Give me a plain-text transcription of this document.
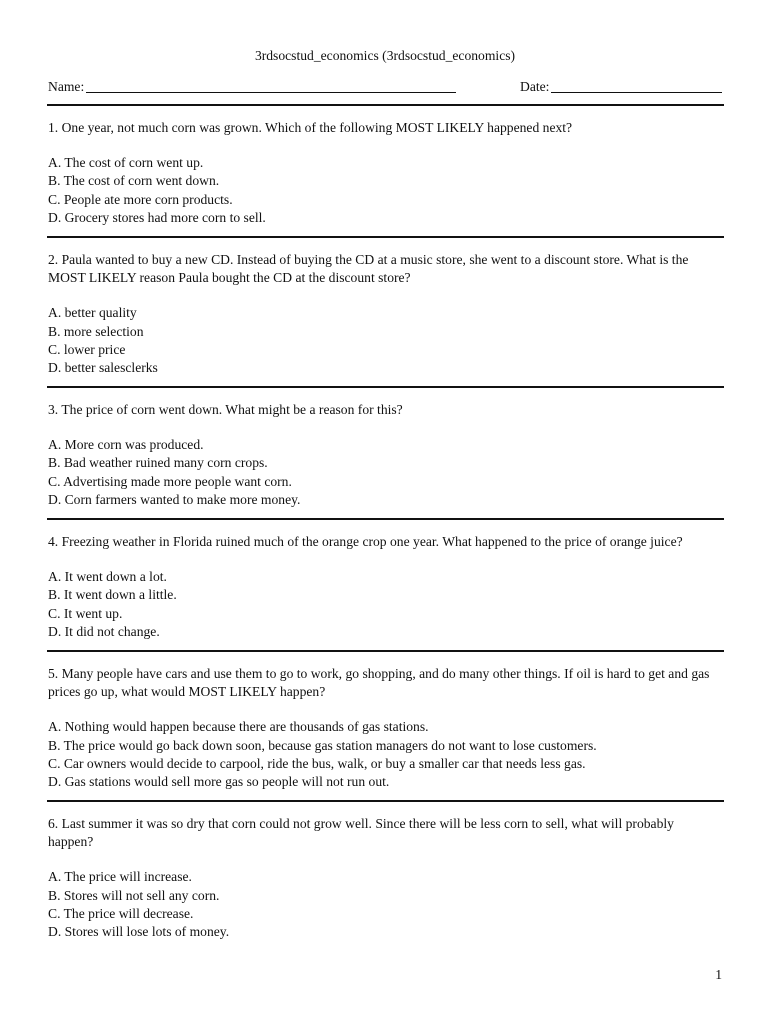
3rdsocstud_economics (3rdsocstud_economics)
Name:	Date:

1. One year, not much corn was grown. Which of the following MOST LIKELY happened next?

A. The cost of corn went up.

B. The cost of corn went down.

C. People ate more corn products.

D. Grocery stores had more corn to sell.

2. Paula wanted to buy a new CD. Instead of buying the CD at a music store, she went to a discount store. What is the MOST LIKELY reason Paula bought the CD at the discount store?

A. better quality

B. more selection

C. lower price

D. better salesclerks

3. The price of corn went down. What might be a reason for this?

A. More corn was produced.

B. Bad weather ruined many corn crops.

C. Advertising made more people want corn.

D. Corn farmers wanted to make more money.

4. Freezing weather in Florida ruined much of the orange crop one year. What happened to the price of orange juice?

A. It went down a lot.

B. It went down a little.

C. It went up.

D. It did not change.

5. Many people have cars and use them to go to work, go shopping, and do many other things. If oil is hard to get and gas prices go up, what would MOST LIKELY happen?

A. Nothing would happen because there are thousands of gas stations.

B. The price would go back down soon, because gas station managers do not want to lose customers.

C. Car owners would decide to carpool, ride the bus, walk, or buy a smaller car that needs less gas.

D. Gas stations would sell more gas so people will not run out.

6. Last summer it was so dry that corn could not grow well. Since there will be less corn to sell, what will probably happen?

A. The price will increase.

B. Stores will not sell any corn.

C. The price will decrease.

D. Stores will lose lots of money.

1
